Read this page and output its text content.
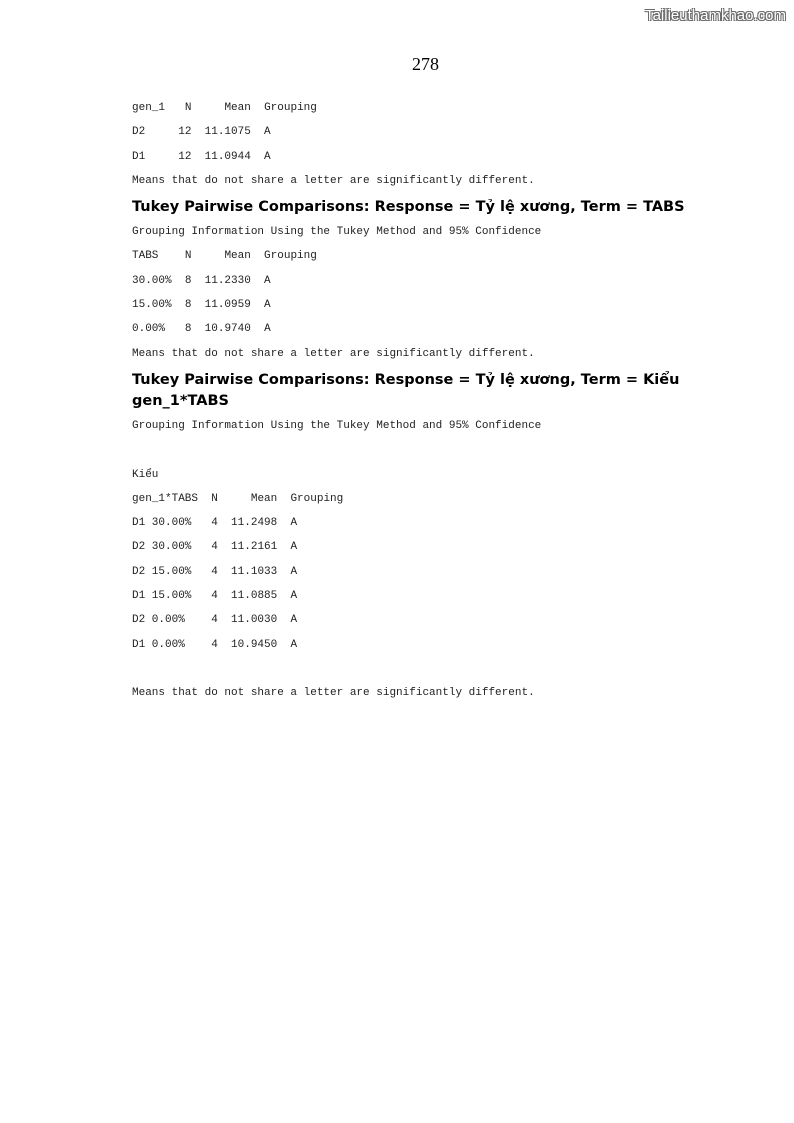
Tailieuthamkhao.com
278
gen_1 N	Mean Grouping
D2	12 11.1075 A
D1	12 11.0944 A
Means that do not share a letter are significantly different.
Tukey Pairwise Comparisons: Response = Tỷ lệ xương, Term = TABS
Grouping Information Using the Tukey Method and 95% Confidence
TABS N	Mean Grouping
30.00% 8 11.2330 A
15.00% 8 11.0959 A
0.00% 8 10.9740 A
Means that do not share a letter are significantly different.
Tukey Pairwise Comparisons: Response = Tỷ lệ xương, Term = Kiểu
gen_1*TABS
Grouping Information Using the Tukey Method and 95% Confidence
Kiểu
gen_1*TABS N	Mean Grouping
D1 30.00% 4 11.2498 A
D2 30.00% 4 11.2161 A
D2 15.00% 4 11.1033 A
D1 15.00% 4 11.0885 A
D2 0.00% 4 11.0030 A
D1 0.00% 4 10.9450 A
Means that do not share a letter are significantly different.
